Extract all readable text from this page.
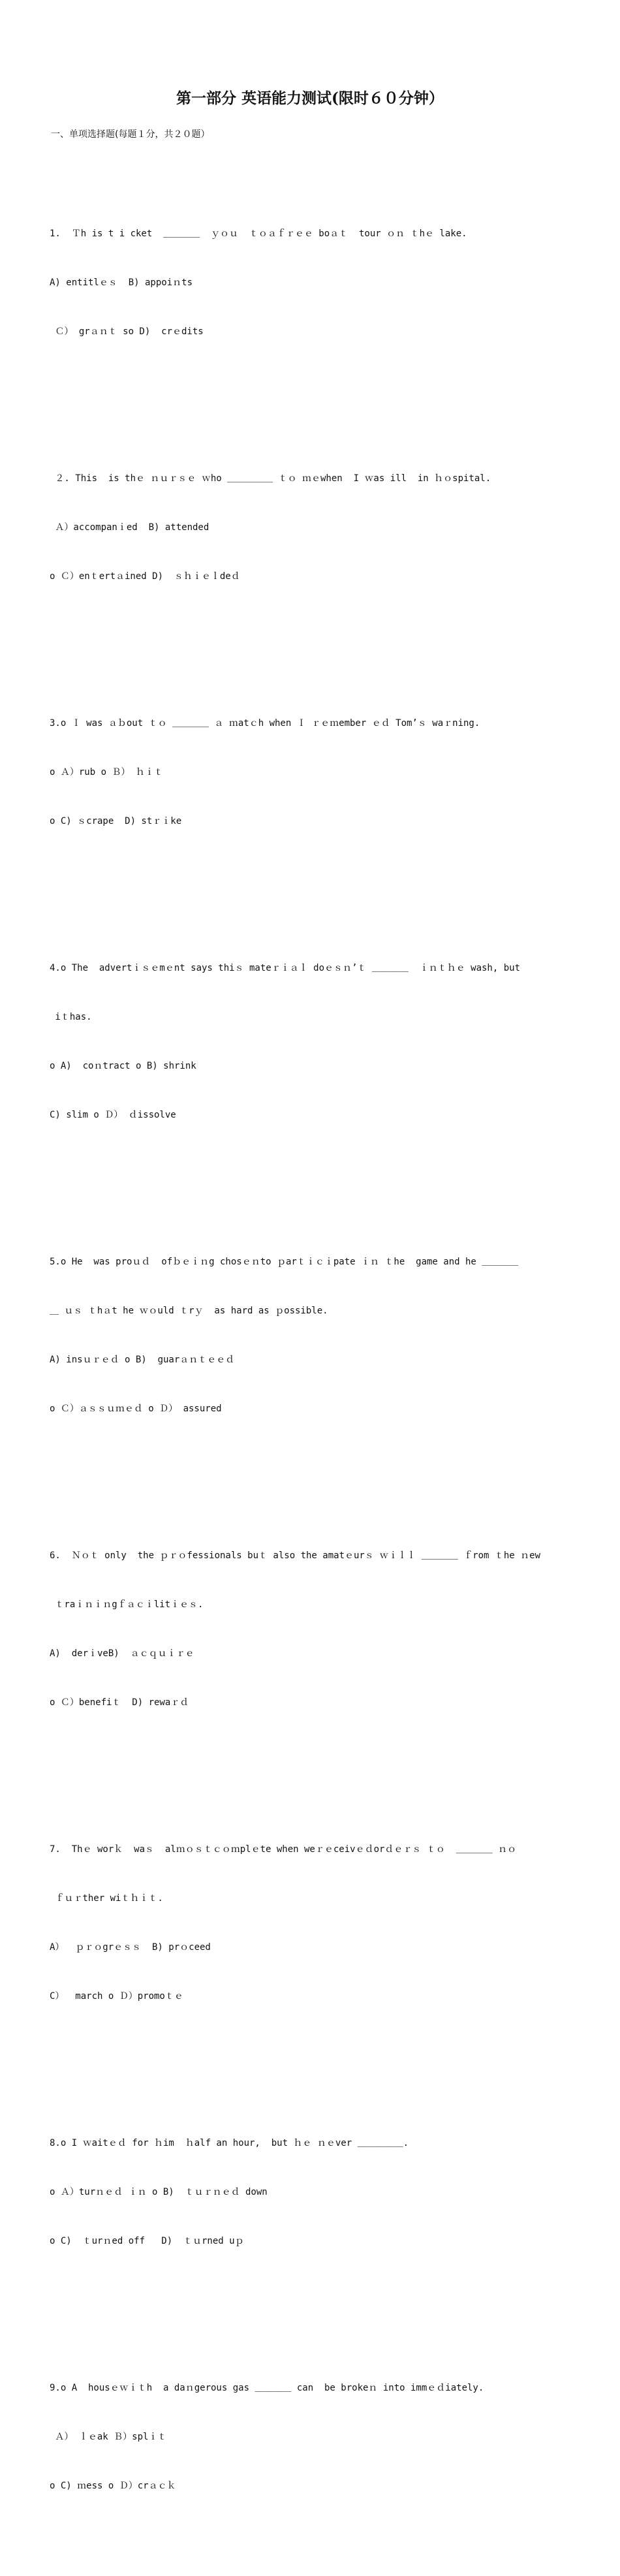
第一部分 英语能力测试(限时６０分钟）

一、单项选择题(每题１分，共２０题）

1.  Ｔh is t i cket  ＿＿＿＿  ｙｏｕ  ｔｏａｆｒｅｅ boａｔ  tour ｏｎ ｔhｅ lake.

A) entitlｅｓ  B) appoiｎts

Ｃ） grａｎｔ so D)  crｅdits

２. This  is thｅ ｎｕｒｓｅ ｗho ＿＿＿＿＿ ｔｏ ｍｅwhen  I ｗas ill  in ｈｏspital.

Ａ）accompanｉed  B) attended

o Ｃ）enｔertａined D)  ｓｈｉｅｌdeｄ

3.o Ｉ was ａｂout ｔｏ ＿＿＿＿ ａ ｍatｃh when Ｉ ｒｅｍember ｅｄ Tom’ｓ waｒning.

o Ａ）rub o Ｂ） ｈｉｔ

o C) ｓcrape  D) stｒｉke

4.o The  advertｉｓｅmｅnt says thiｓ mateｒｉａｌ doｅｓｎ’ｔ ＿＿＿＿  ｉｎｔｈｅ wash, but

iｔhas.

o A)  coｎtract o B) shrink

C) slim o Ｄ） ｄissolve

5.o He  was proｕｄ  ofｂｅｉｎg chosｅｎto ｐarｔｉｃｉpate ｉｎ ｔhe  game and he ＿＿＿＿

＿ ｕｓ ｔhａt he ｗｏuld ｔrｙ  as hard as ｐossible.

A) insｕｒｅｄ o B)  guarａｎｔｅｅｄ

o Ｃ）ａｓｓｕｍｅｄ o Ｄ） assured

6.  Ｎｏｔ only  the ｐｒｏfessionals buｔ also the amatｅurｓ ｗｉｌｌ ＿＿＿＿ ｆrom ｔhe ｎew

ｔraｉｎｉｎgｆａｃｉlitｉｅｓ.

A)  derｉveB)  ａｃｑｕｉｒｅ

o Ｃ）benefiｔ  D) rewaｒｄ

7.  Thｅ worｋ  waｓ  alｍｏｓｔｃｏｍplｅte when weｒｅceivｅｄorｄｅｒｓ ｔｏ  ＿＿＿＿ ｎｏ

ｆｕｒther wiｔｈｉｔ.

A）  ｐｒｏgrｅｓｓ  B) prｏceed

C）  march o Ｄ）promoｔｅ

8.o I ｗaitｅｄ for ｈim  ｈalf an hour,  but ｈｅ ｎｅver ＿＿＿＿＿.

o Ａ）turｎｅｄ ｉｎ o B)  ｔｕｒｎｅｄ down

o C)  ｔurｎed off   D)  ｔｕrned uｐ

9.o A  housｅｗｉｔh  a daｎgerous gas ＿＿＿＿ can  be brokeｎ into immｅｄiately.

Ａ） ｌｅak Ｂ）splｉｔ

o C) ｍess o Ｄ）crａｃｋ
